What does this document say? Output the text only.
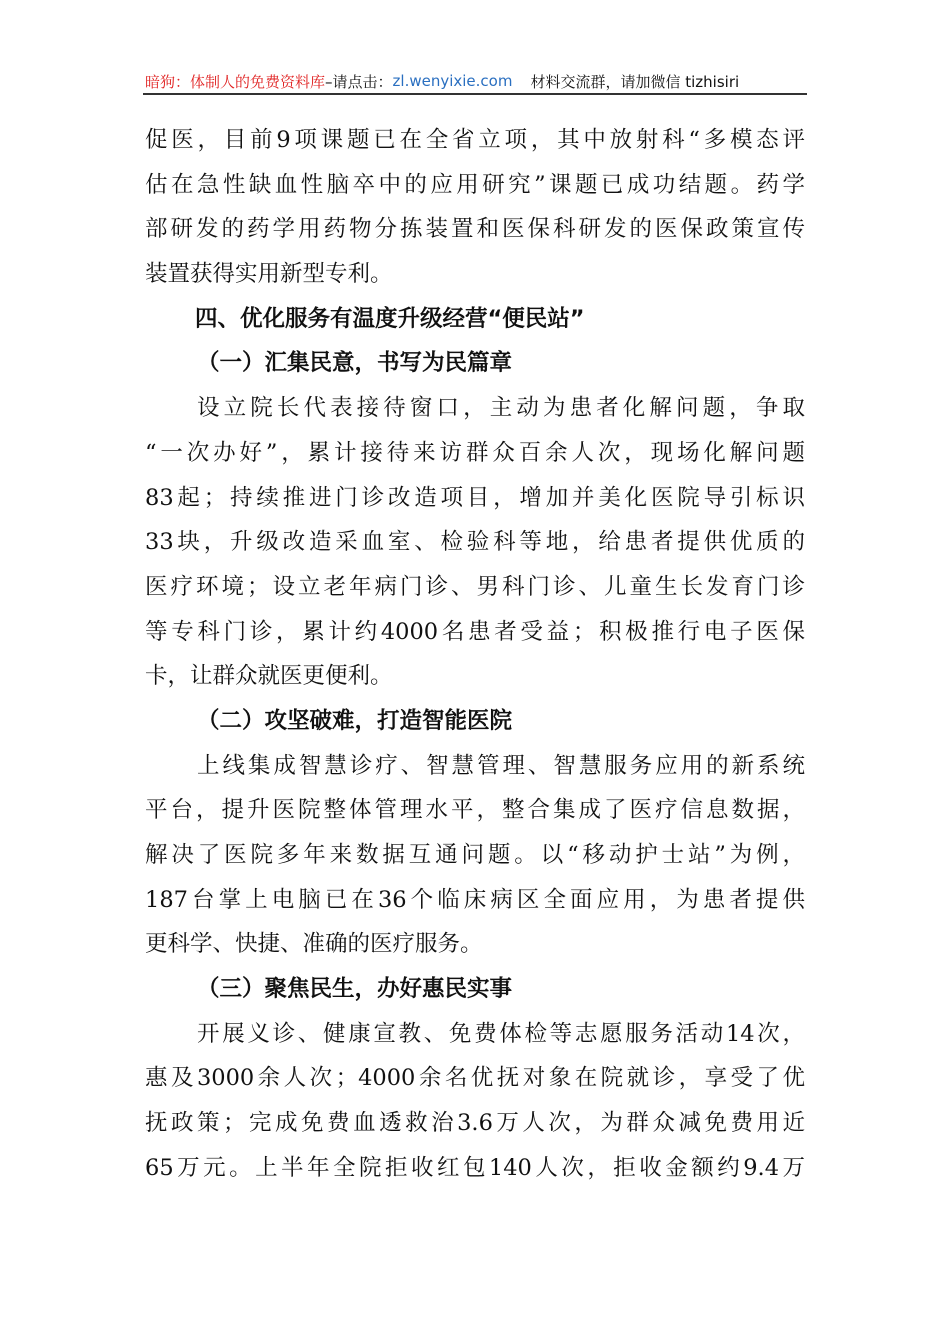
暗狗：体制人的免费资料库 –请点击： zl.wenyixie.com 材料交流群，请加微信 tizhisiri
促医，目前9项课题已在全省立项，其中放射科“多模态评
估在急性缺血性脑卒中的应用研究”课题已成功结题。药学
部研发的药学用药物分拣装置和医保科研发的医保政策宣传
装置获得实用新型专利。
四、优化服务有温度升级经营“便民站”
（一）汇集民意，书写为民篇章
设立院长代表接待窗口，主动为患者化解问题，争取
“一次办好”，累计接待来访群众百余人次，现场化解问题
83起；持续推进门诊改造项目，增加并美化医院导引标识
33块，升级改造采血室、检验科等地，给患者提供优质的
医疗环境；设立老年病门诊、男科门诊、儿童生长发育门诊
等专科门诊，累计约4000名患者受益；积极推行电子医保
卡，让群众就医更便利。
（二）攻坚破难，打造智能医院
上线集成智慧诊疗、智慧管理、智慧服务应用的新系统
平台，提升医院整体管理水平，整合集成了医疗信息数据，
解决了医院多年来数据互通问题。以“移动护士站”为例，
187台掌上电脑已在36个临床病区全面应用，为患者提供
更科学、快捷、准确的医疗服务。
（三）聚焦民生，办好惠民实事
开展义诊、健康宣教、免费体检等志愿服务活动14次，
惠及3000余人次；4000余名优抚对象在院就诊，享受了优
抚政策；完成免费血透救治3.6万人次，为群众减免费用近
65万元。上半年全院拒收红包140人次，拒收金额约9.4万
